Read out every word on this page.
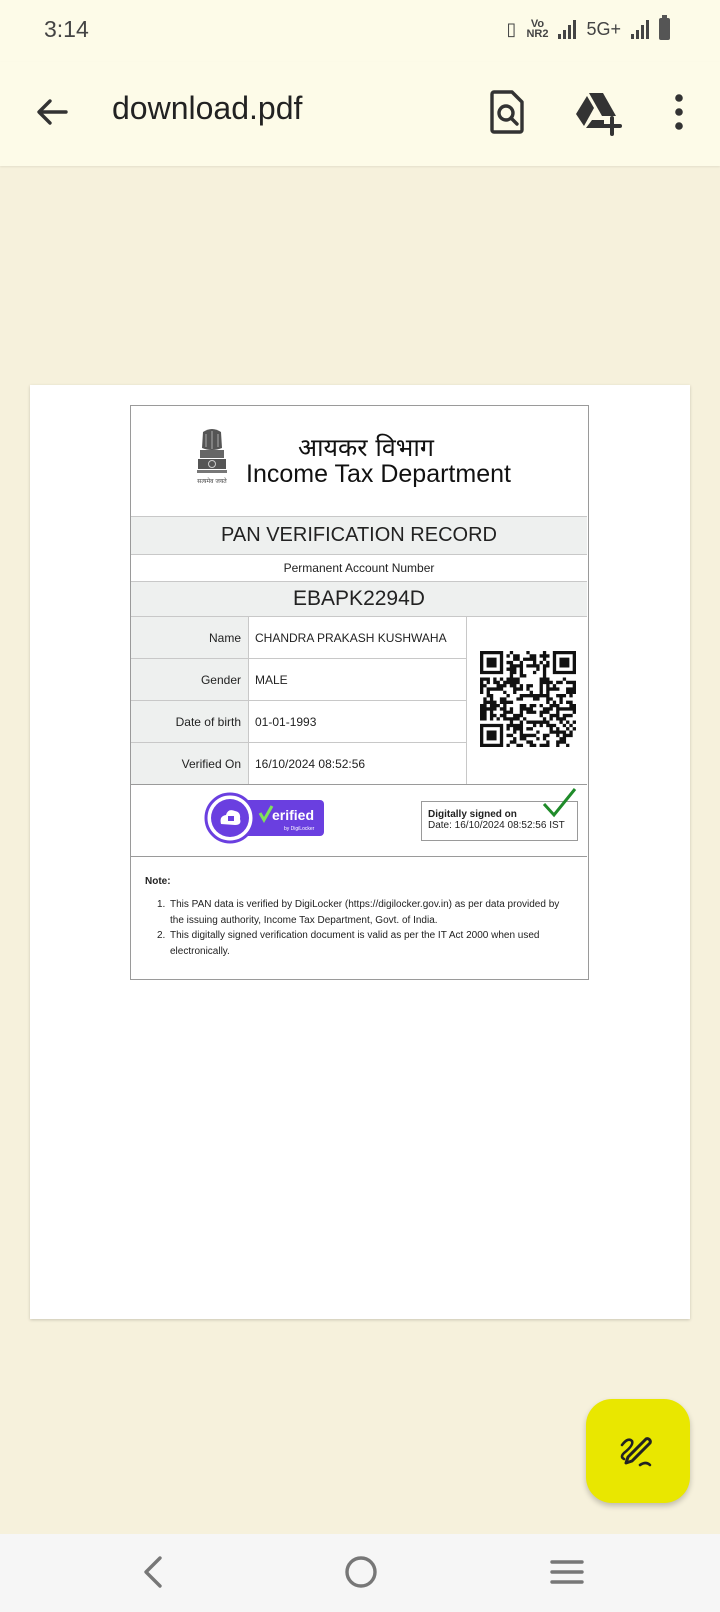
3:14	▯	Vo
NR2 5G+
download.pdf
सत्यमेव जयते
आयकर विभाग
Income Tax Department
PAN VERIFICATION RECORD
Permanent Account Number
EBAPK2294D
Name	CHANDRA PRAKASH KUSHWAHA
Gender	MALE
Date of birth	01-01-1993
Verified On	16/10/2024 08:52:56
erified
by DigiLocker
Digitally signed on
Date: 16/10/2024 08:52:56 IST
Note:
1. This PAN data is verified by DigiLocker (https://digilocker.gov.in) as per data provided by the issuing authority, Income Tax Department, Govt. of India.
2. This digitally signed verification document is valid as per the IT Act 2000 when used electronically.
